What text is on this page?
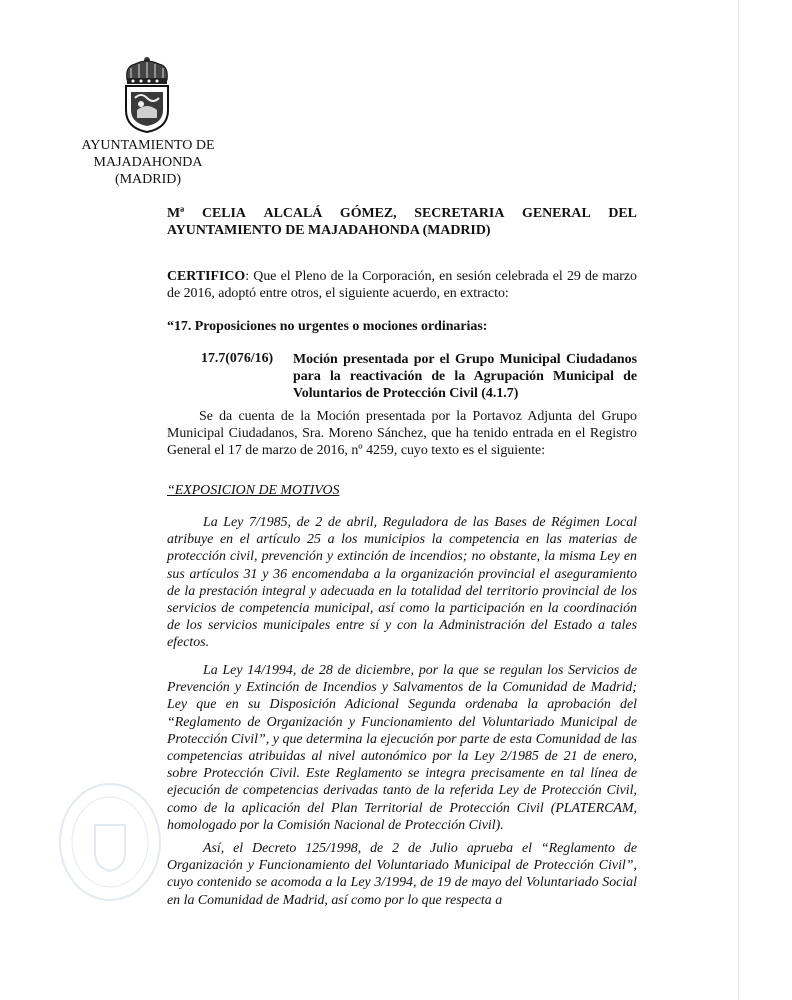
AYUNTAMIENTO DE
MAJADAHONDA
(MADRID)
Mª CELIA ALCALÁ GÓMEZ, SECRETARIA GENERAL DEL
AYUNTAMIENTO DE MAJADAHONDA (MADRID)
CERTIFICO: Que el Pleno de la Corporación, en sesión celebrada el 29 de marzo de 2016, adoptó entre otros, el siguiente acuerdo, en extracto:
“17. Proposiciones no urgentes o mociones ordinarias:
17.7(076/16) Moción presentada por el Grupo Municipal Ciudadanos para la reactivación de la Agrupación Municipal de Voluntarios de Protección Civil (4.1.7)
Se da cuenta de la Moción presentada por la Portavoz Adjunta del Grupo Municipal Ciudadanos, Sra. Moreno Sánchez, que ha tenido entrada en el Registro General el 17 de marzo de 2016, nº 4259, cuyo texto es el siguiente:
“EXPOSICION DE MOTIVOS
La Ley 7/1985, de 2 de abril, Reguladora de las Bases de Régimen Local atribuye en el artículo 25 a los municipios la competencia en las materias de protección civil, prevención y extinción de incendios; no obstante, la misma Ley en sus artículos 31 y 36 encomendaba a la organización provincial el aseguramiento de la prestación integral y adecuada en la totalidad del territorio provincial de los servicios de competencia municipal, así como la participación en la coordinación de los servicios municipales entre sí y con la Administración del Estado a tales efectos.
La Ley 14/1994, de 28 de diciembre, por la que se regulan los Servicios de Prevención y Extinción de Incendios y Salvamentos de la Comunidad de Madrid; Ley que en su Disposición Adicional Segunda ordenaba la aprobación del “Reglamento de Organización y Funcionamiento del Voluntariado Municipal de Protección Civil”, y que determina la ejecución por parte de esta Comunidad de las competencias atribuidas al nivel autonómico por la Ley 2/1985 de 21 de enero, sobre Protección Civil. Este Reglamento se integra precisamente en tal línea de ejecución de competencias derivadas tanto de la referida Ley de Protección Civil, como de la aplicación del Plan Territorial de Protección Civil (PLATERCAM, homologado por la Comisión Nacional de Protección Civil).
Así, el Decreto 125/1998, de 2 de Julio aprueba el “Reglamento de Organización y Funcionamiento del Voluntariado Municipal de Protección Civil”, cuyo contenido se acomoda a la Ley 3/1994, de 19 de mayo del Voluntariado Social en la Comunidad de Madrid, así como por lo que respecta a
